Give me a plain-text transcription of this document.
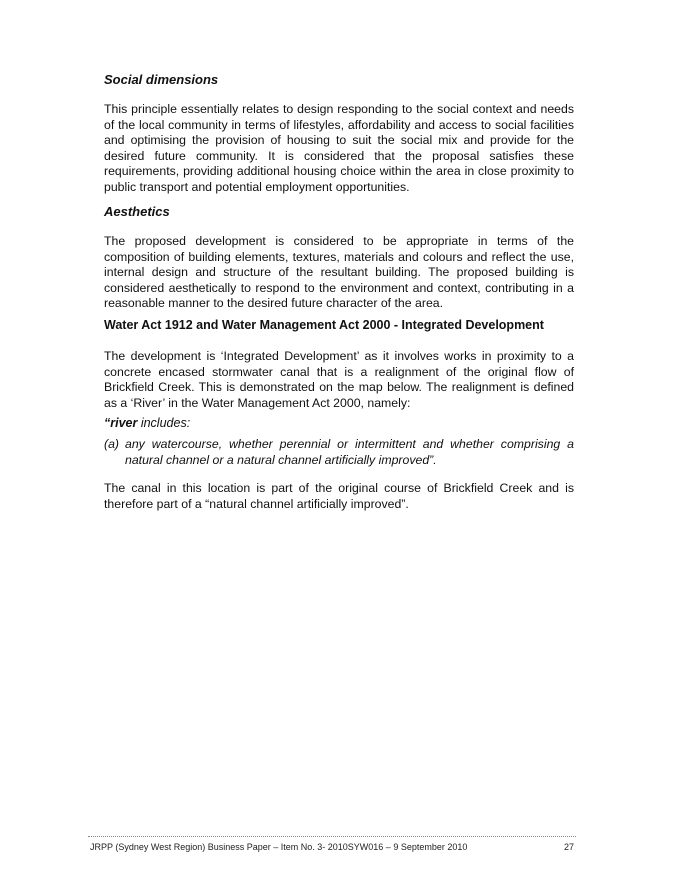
Social dimensions

This principle essentially relates to design responding to the social context and needs of the local community in terms of lifestyles, affordability and access to social facilities and optimising the provision of housing to suit the social mix and provide for the desired future community. It is considered that the proposal satisfies these requirements, providing additional housing choice within the area in close proximity to public transport and potential employment opportunities.

Aesthetics

The proposed development is considered to be appropriate in terms of the composition of building elements, textures, materials and colours and reflect the use, internal design and structure of the resultant building. The proposed building is considered aesthetically to respond to the environment and context, contributing in a reasonable manner to the desired future character of the area.

Water Act 1912 and Water Management Act 2000 - Integrated Development

The development is ‘Integrated Development’ as it involves works in proximity to a concrete encased stormwater canal that is a realignment of the original flow of Brickfield Creek. This is demonstrated on the map below. The realignment is defined as a ‘River’ in the Water Management Act 2000, namely:

“river includes:
(a) any watercourse, whether perennial or intermittent and whether comprising a natural channel or a natural channel artificially improved”.

The canal in this location is part of the original course of Brickfield Creek and is therefore part of a “natural channel artificially improved”.

JRPP (Sydney West Region) Business Paper – Item No. 3- 2010SYW016 – 9 September 2010	27
